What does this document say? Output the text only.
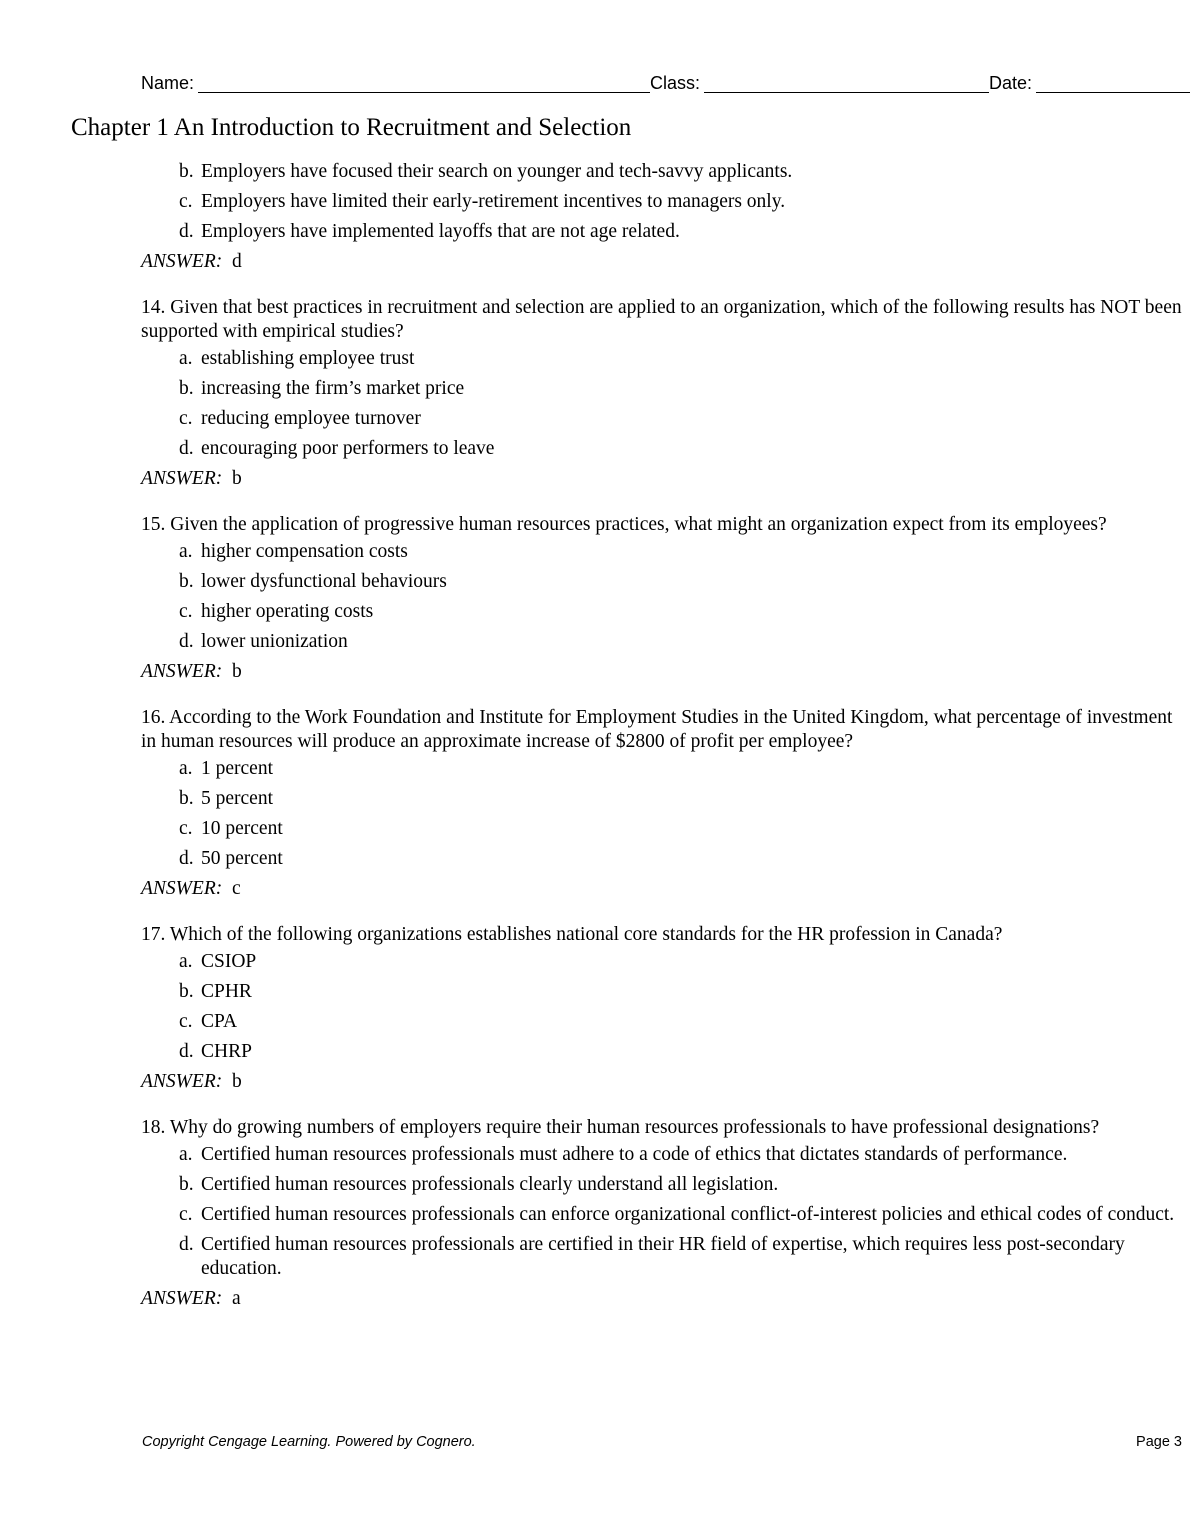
Name:	Class:	Date:
Chapter 1 An Introduction to Recruitment and Selection
b. Employers have focused their search on younger and tech-savvy applicants.
c. Employers have limited their early-retirement incentives to managers only.
d. Employers have implemented layoffs that are not age related.
ANSWER: d
14. Given that best practices in recruitment and selection are applied to an organization, which of the following results has NOT been supported with empirical studies?
a. establishing employee trust
b. increasing the firm’s market price
c. reducing employee turnover
d. encouraging poor performers to leave
ANSWER: b
15. Given the application of progressive human resources practices, what might an organization expect from its employees?
a. higher compensation costs
b. lower dysfunctional behaviours
c. higher operating costs
d. lower unionization
ANSWER: b
16. According to the Work Foundation and Institute for Employment Studies in the United Kingdom, what percentage of investment in human resources will produce an approximate increase of $2800 of profit per employee?
a. 1 percent
b. 5 percent
c. 10 percent
d. 50 percent
ANSWER: c
17. Which of the following organizations establishes national core standards for the HR profession in Canada?
a. CSIOP
b. CPHR
c. CPA
d. CHRP
ANSWER: b
18. Why do growing numbers of employers require their human resources professionals to have professional designations?
a. Certified human resources professionals must adhere to a code of ethics that dictates standards of performance.
b. Certified human resources professionals clearly understand all legislation.
c. Certified human resources professionals can enforce organizational conflict-of-interest policies and ethical codes of conduct.
d. Certified human resources professionals are certified in their HR field of expertise, which requires less post-secondary education.
ANSWER: a
Copyright Cengage Learning. Powered by Cognero.	Page 3
